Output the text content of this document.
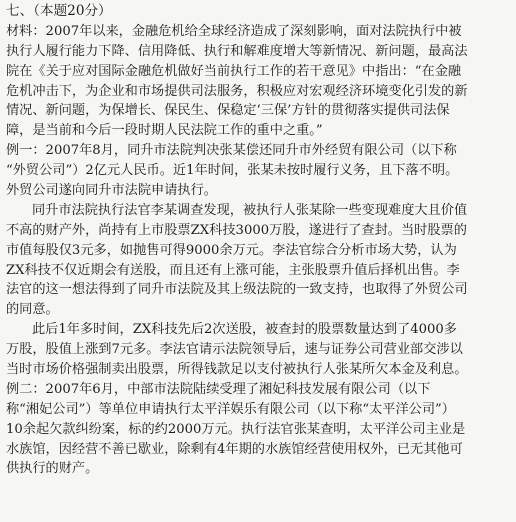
七、（本题20分）
材料：2007年以来，金融危机给全球经济造成了深刻影响，面对法院执行中被
执行人履行能力下降、信用降低、执行和解难度增大等新情况、新问题，最高法
院在《关于应对国际金融危机做好当前执行工作的若干意见》中指出：“在金融
危机冲击下，为企业和市场提供司法服务，积极应对宏观经济环境变化引发的新
情况、新问题，为保增长、保民生、保稳定‘三保’方针的贯彻落实提供司法保
障，是当前和今后一段时期人民法院工作的重中之重。”
例一：2007年8月，同升市法院判决张某偿还同升市外经贸有限公司（以下称
“外贸公司”）2亿元人民币。近1年时间，张某未按时履行义务，且下落不明。
外贸公司遂向同升市法院申请执行。
同升市法院执行法官李某调查发现，被执行人张某除一些变现难度大且价值
不高的财产外，尚持有上市股票ZX科技3000万股，遂进行了查封。当时股票的
市值每股仅3元多，如抛售可得9000余万元。李法官综合分析市场大势，认为
ZX科技不仅近期会有送股，而且还有上涨可能，主张股票升值后择机出售。李
法官的这一想法得到了同升市法院及其上级法院的一致支持，也取得了外贸公司
的同意。
此后1年多时间，ZX科技先后2次送股，被查封的股票数量达到了4000多
万股，股值上涨到7元多。李法官请示法院领导后，速与证券公司营业部交涉以
当时市场价格强制卖出股票，所得钱款足以支付被执行人张某所欠本金及利息。
例二：2007年6月，中部市法院陆续受理了湘妃科技发展有限公司（以下
称“湘妃公司”）等单位申请执行太平洋娱乐有限公司（以下称“太平洋公司”）
10余起欠款纠纷案，标的约2000万元。执行法官张某查明，太平洋公司主业是
水族馆，因经营不善已歇业，除剩有4年期的水族馆经营使用权外，已无其他可
供执行的财产。
